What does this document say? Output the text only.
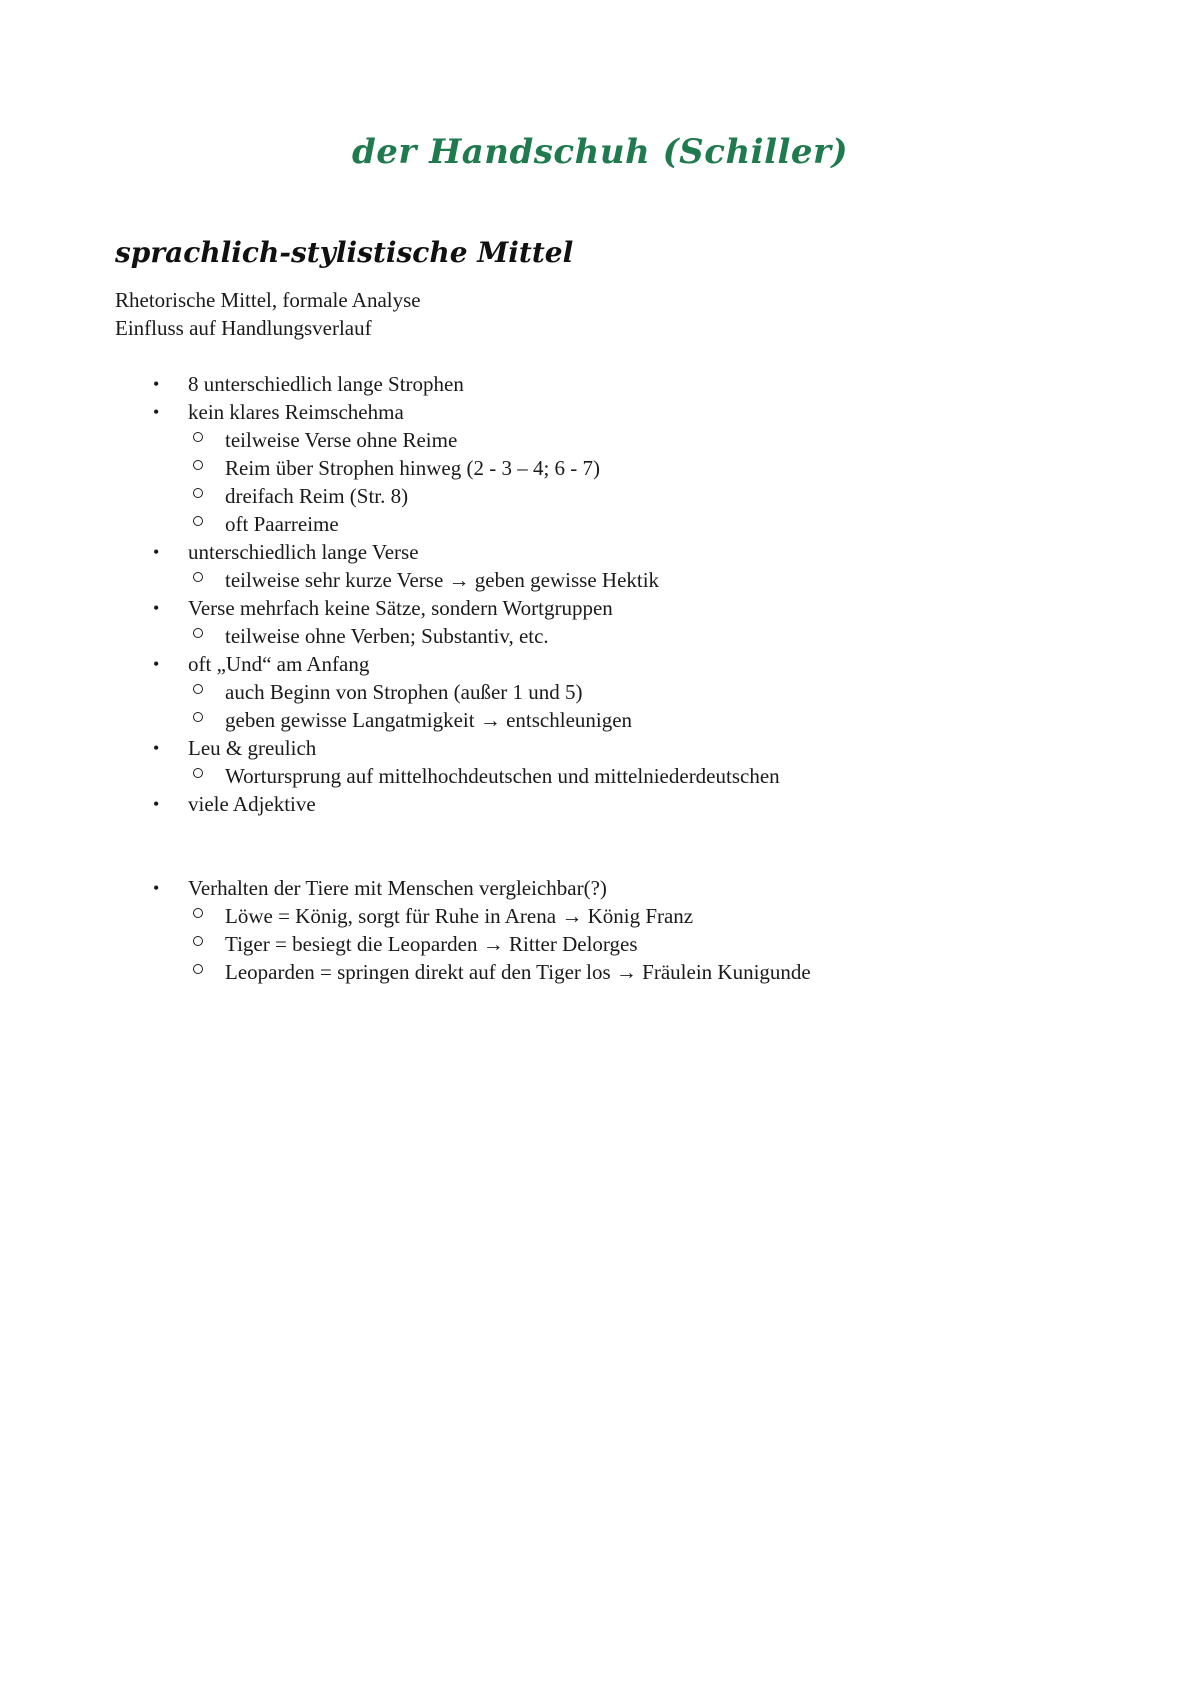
der Handschuh (Schiller)
sprachlich-stylistische Mittel
Rhetorische Mittel, formale Analyse
Einfluss auf Handlungsverlauf
• 8 unterschiedlich lange Strophen
• kein klares Reimschehma
teilweise Verse ohne Reime
Reim über Strophen hinweg (2 - 3 – 4; 6 - 7)
dreifach Reim (Str. 8)
oft Paarreime
• unterschiedlich lange Verse
teilweise sehr kurze Verse → geben gewisse Hektik
• Verse mehrfach keine Sätze, sondern Wortgruppen
teilweise ohne Verben; Substantiv, etc.
• oft „Und“ am Anfang
auch Beginn von Strophen (außer 1 und 5)
geben gewisse Langatmigkeit → entschleunigen
• Leu & greulich
Wortursprung auf mittelhochdeutschen und mittelniederdeutschen
• viele Adjektive
• Verhalten der Tiere mit Menschen vergleichbar(?)
Löwe = König, sorgt für Ruhe in Arena → König Franz
Tiger = besiegt die Leoparden → Ritter Delorges
Leoparden = springen direkt auf den Tiger los → Fräulein Kunigunde
